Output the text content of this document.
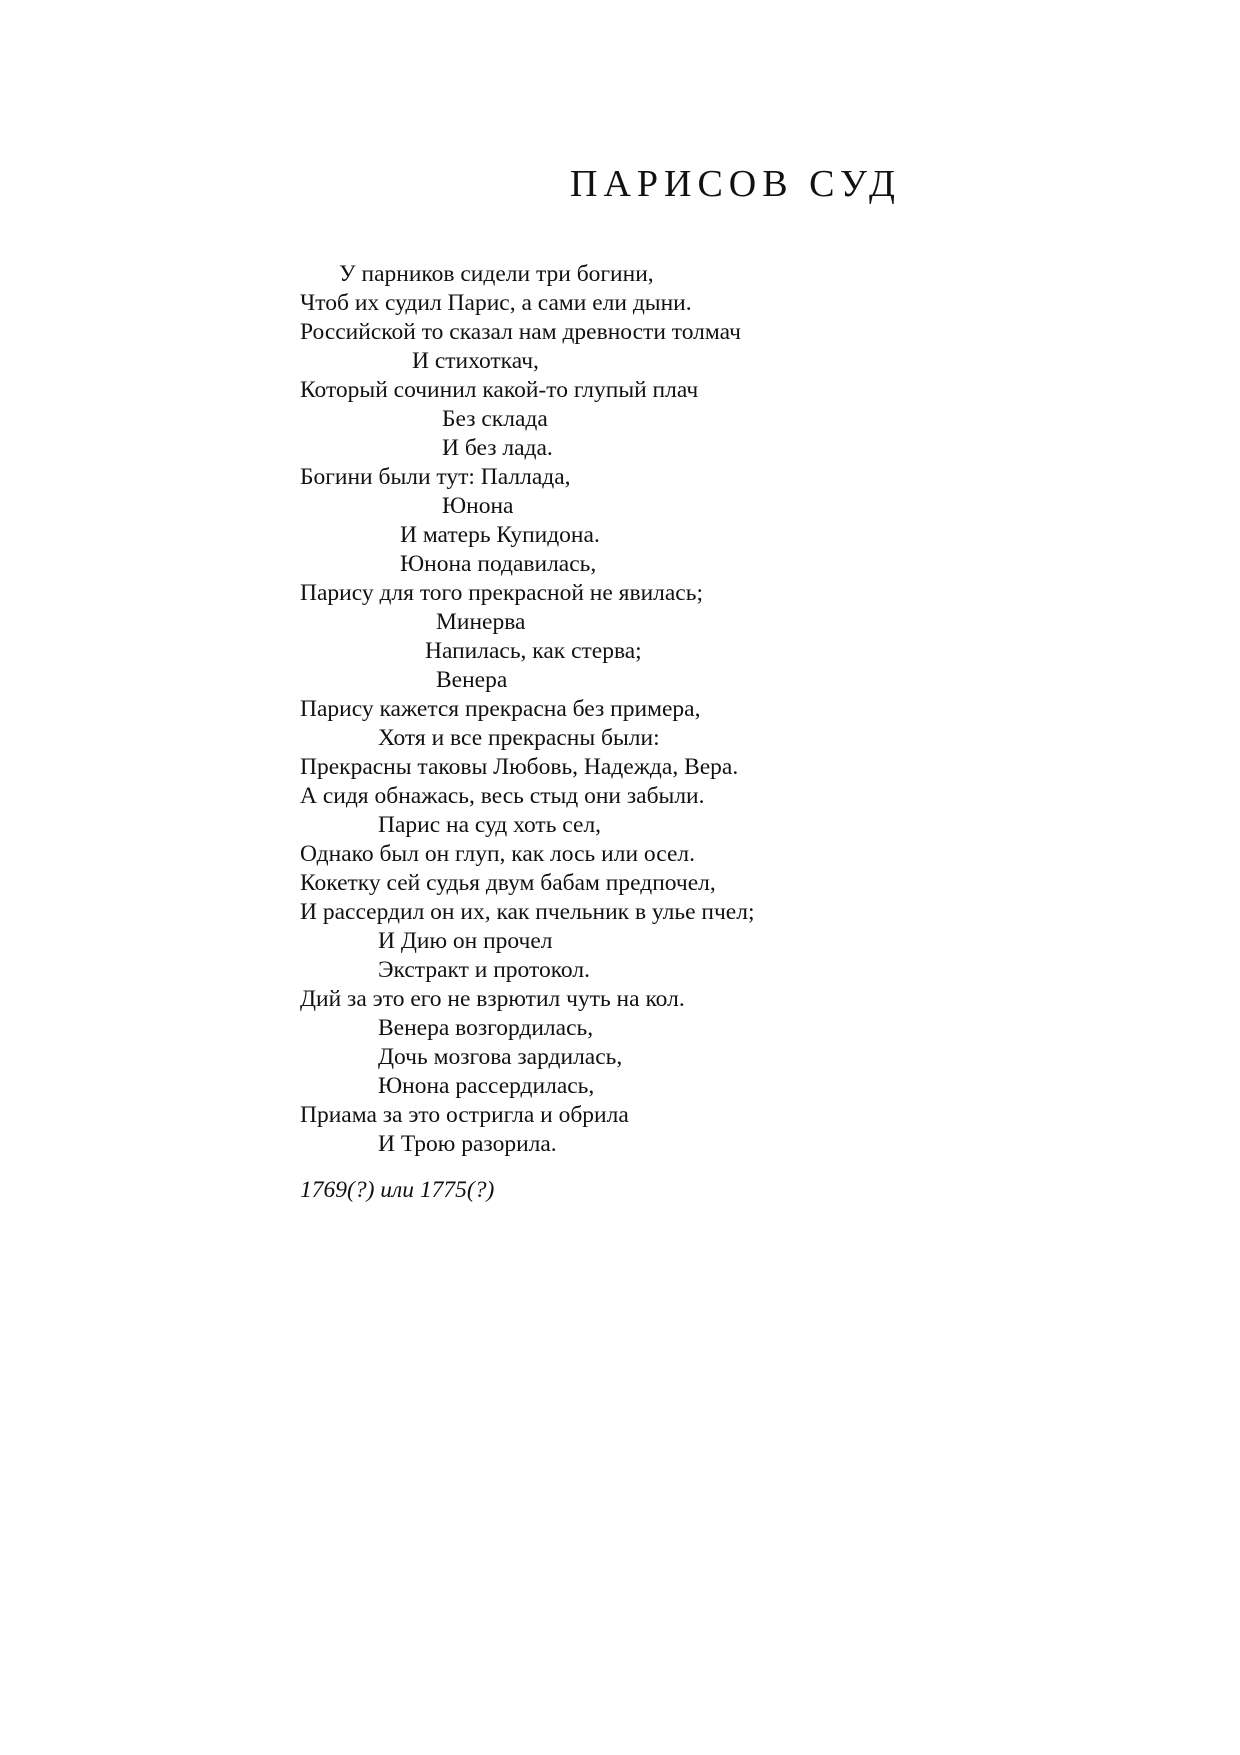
ПАРИСОВ СУД
У парников сидели три богини,
Чтоб их судил Парис, а сами ели дыни.
Российской то сказал нам древности толмач
И стихоткач,
Который сочинил какой-то глупый плач
Без склада
И без лада.
Богини были тут: Паллада,
Юнона
И матерь Купидона.
Юнона подавилась,
Парису для того прекрасной не явилась;
Минерва
Напилась, как стерва;
Венера
Парису кажется прекрасна без примера,
Хотя и все прекрасны были:
Прекрасны таковы Любовь, Надежда, Вера.
А сидя обнажась, весь стыд они забыли.
Парис на суд хоть сел,
Однако был он глуп, как лось или осел.
Кокетку сей судья двум бабам предпочел,
И рассердил он их, как пчельник в улье пчел;
И Дию он прочел
Экстракт и протокол.
Дий за это его не взрютил чуть на кол.
Венера возгордилась,
Дочь мозгова зардилась,
Юнона рассердилась,
Приама за это остригла и обрила
И Трою разорила.

1769(?) или 1775(?)
